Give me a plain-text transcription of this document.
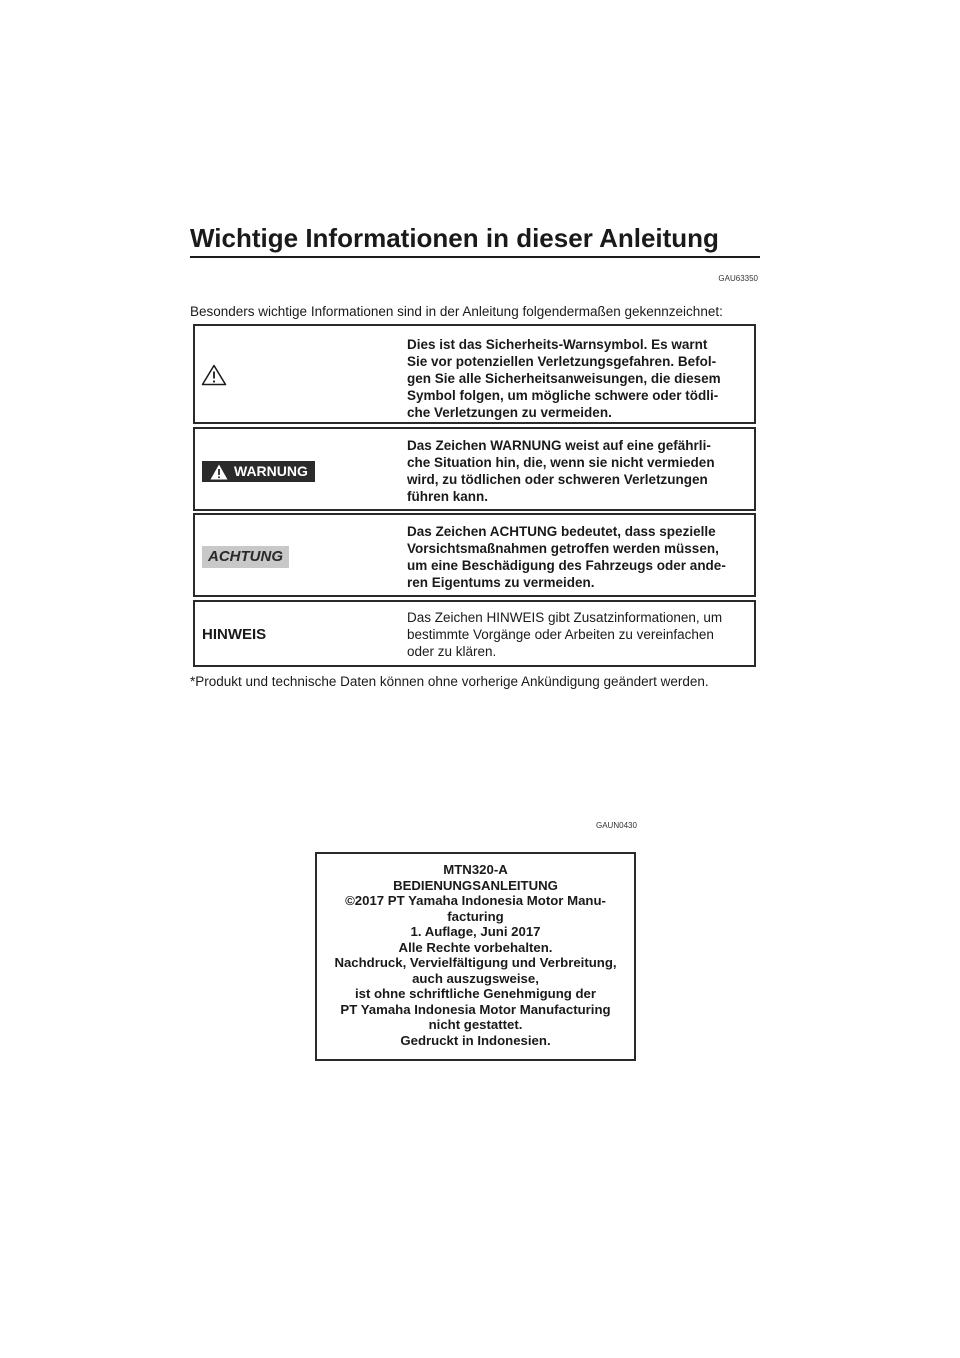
Wichtige Informationen in dieser Anleitung
GAU63350
Besonders wichtige Informationen sind in der Anleitung folgendermaßen gekennzeichnet:
Dies ist das Sicherheits-Warnsymbol. Es warnt
Sie vor potenziellen Verletzungsgefahren. Befol-
gen Sie alle Sicherheitsanweisungen, die diesem
Symbol folgen, um mögliche schwere oder tödli-
che Verletzungen zu vermeiden.
WARNUNG
Das Zeichen WARNUNG weist auf eine gefährli-
che Situation hin, die, wenn sie nicht vermieden
wird, zu tödlichen oder schweren Verletzungen
führen kann.
ACHTUNG
Das Zeichen ACHTUNG bedeutet, dass spezielle
Vorsichtsmaßnahmen getroffen werden müssen,
um eine Beschädigung des Fahrzeugs oder ande-
ren Eigentums zu vermeiden.
HINWEIS
Das Zeichen HINWEIS gibt Zusatzinformationen, um
bestimmte Vorgänge oder Arbeiten zu vereinfachen
oder zu klären.
*Produkt und technische Daten können ohne vorherige Ankündigung geändert werden.
GAUN0430
MTN320-A
BEDIENUNGSANLEITUNG
©2017 PT Yamaha Indonesia Motor Manu-
facturing
1. Auflage, Juni 2017
Alle Rechte vorbehalten.
Nachdruck, Vervielfältigung und Verbreitung,
auch auszugsweise,
ist ohne schriftliche Genehmigung der
PT Yamaha Indonesia Motor Manufacturing
nicht gestattet.
Gedruckt in Indonesien.
